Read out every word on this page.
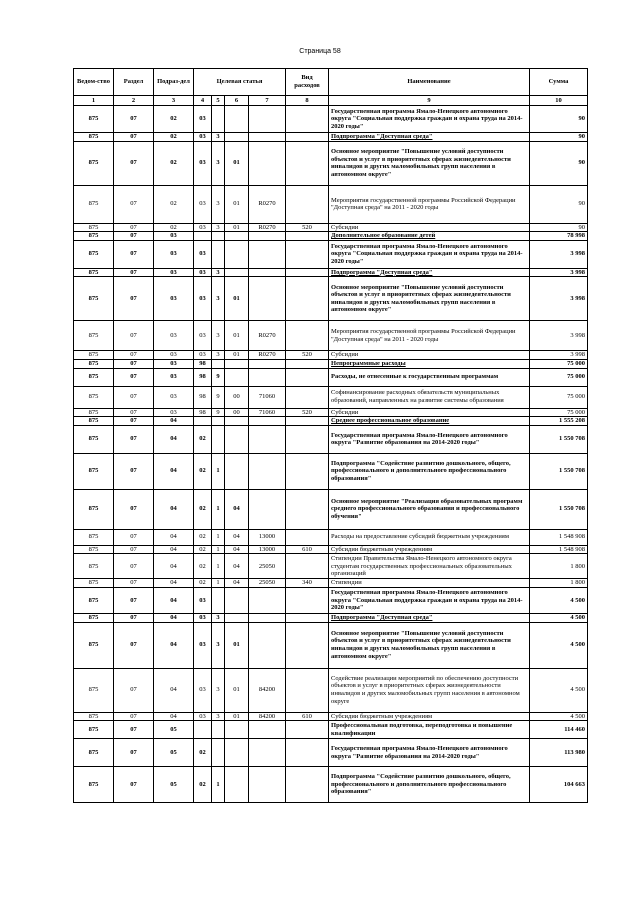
Страница 58
Ведом-ство	Раздел	Подраз-дел	Целевая статья				Вид расходов	Наименование	Сумма
1	2	3	4	5	6	7	8	9	10
875	07	02	03					Государственная программа Ямало-Ненецкого автономного округа "Социальная поддержка граждан и охрана труда на 2014-2020 годы"	90
875	07	02	03	3				Подпрограмма "Доступная среда"	90
875	07	02	03	3	01			Основное мероприятие "Повышение условий доступности объектов и услуг в приоритетных сферах жизнедеятельности инвалидов и других маломобильных групп населения в автономном округе"	90
875	07	02	03	3	01	R0270		Мероприятия государственной программы Российской Федерации "Доступная среда" на 2011 - 2020 годы	90
875	07	02	03	3	01	R0270	520	Субсидии	90
875	07	03						Дополнительное образование детей	78 998
875	07	03	03					Государственная программа Ямало-Ненецкого автономного округа "Социальная поддержка граждан и охрана труда на 2014-2020 годы"	3 998
875	07	03	03	3				Подпрограмма "Доступная среда"	3 998
875	07	03	03	3	01			Основное мероприятие "Повышение условий доступности объектов и услуг в приоритетных сферах жизнедеятельности инвалидов и других маломобильных групп населения в автономном округе"	3 998
875	07	03	03	3	01	R0270		Мероприятия государственной программы Российской Федерации "Доступная среда" на 2011 - 2020 годы	3 998
875	07	03	03	3	01	R0270	520	Субсидии	3 998
875	07	03	98					Непрограммные расходы	75 000
875	07	03	98	9				Расходы, не отнесенные к государственным программам	75 000
875	07	03	98	9	00	71060		Софинансирование расходных обязательств муниципальных образований, направленных на развитие системы образования	75 000
875	07	03	98	9	00	71060	520	Субсидии	75 000
875	07	04						Среднее профессиональное образование	1 555 208
875	07	04	02					Государственная программа Ямало-Ненецкого автономного округа "Развитие образования на 2014-2020 годы"	1 550 708
875	07	04	02	1				Подпрограмма "Содействие развитию дошкольного, общего, профессионального и дополнительного профессионального образования"	1 550 708
875	07	04	02	1	04			Основное мероприятие "Реализация образовательных программ среднего профессионального образования и профессионального обучения"	1 550 708
875	07	04	02	1	04	13000		Расходы на предоставление субсидий бюджетным учреждениям	1 548 908
875	07	04	02	1	04	13000	610	Субсидии бюджетным учреждениям	1 548 908
875	07	04	02	1	04	25050		Стипендии Правительства Ямало-Ненецкого автономного округа студентам государственных профессиональных образовательных организаций	1 800
875	07	04	02	1	04	25050	340	Стипендии	1 800
875	07	04	03					Государственная программа Ямало-Ненецкого автономного округа "Социальная поддержка граждан и охрана труда на 2014-2020 годы"	4 500
875	07	04	03	3				Подпрограмма "Доступная среда"	4 500
875	07	04	03	3	01			Основное мероприятие "Повышение условий доступности объектов и услуг в приоритетных сферах жизнедеятельности инвалидов и других маломобильных групп населения в автономном округе"	4 500
875	07	04	03	3	01	84200		Содействие реализации мероприятий по обеспечению доступности объектов и услуг в приоритетных сферах жизнедеятельности инвалидов и других маломобильных групп населения в автономном округе	4 500
875	07	04	03	3	01	84200	610	Субсидии бюджетным учреждениям	4 500
875	07	05						Профессиональная подготовка, переподготовка и повышение квалификации	114 460
875	07	05	02					Государственная программа Ямало-Ненецкого автономного округа "Развитие образования на 2014-2020 годы"	113 980
875	07	05	02	1				Подпрограмма "Содействие развитию дошкольного, общего, профессионального и дополнительного профессионального образования"	104 663
